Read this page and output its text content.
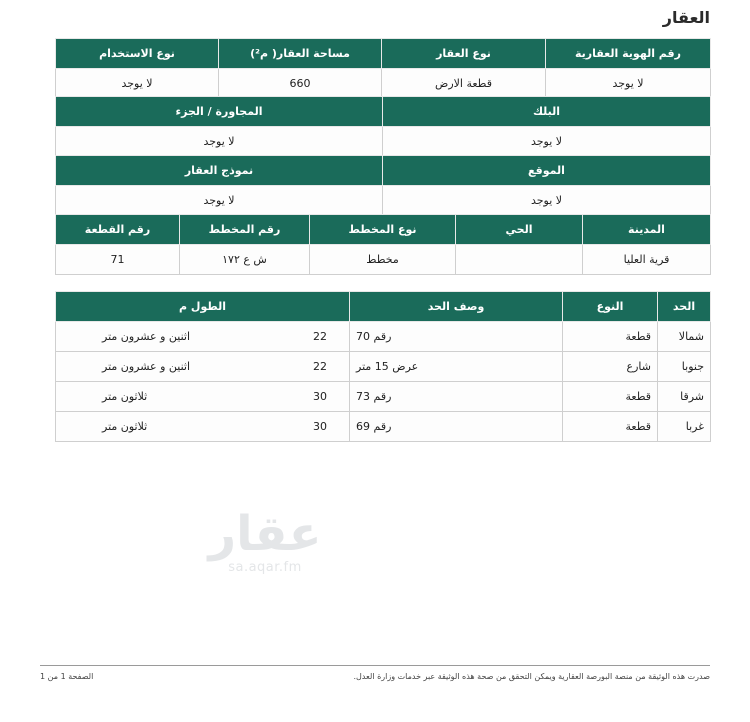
العقار
رقم الهوية العقارية	نوع العقار	مساحة العقار( م²)	نوع الاستخدام
لا يوجد	قطعة الارض	660	لا يوجد
البلك	المجاورة / الجزء
لا يوجد	لا يوجد
الموقع	نموذج العقار
لا يوجد	لا يوجد
المدينة	الحي	نوع المخطط	رقم المخطط	رقم القطعة
قرية العليا		مخطط	ش ع ١٧٢	71
الحد	النوع	وصف الحد	الطول م
شمالا	قطعة	رقم 70	اثنين و عشرون متر 22

جنوبا	شارع	عرض 15 متر	اثنين و عشرون متر 22

شرقا	قطعة	رقم 73	ثلاثون متر 30

غربا	قطعة	رقم 69	ثلاثون متر 30
عقار
sa.aqar.fm
صدرت هذه الوثيقة من منصة البورصة العقارية ويمكن التحقق من صحة هذه الوثيقة عبر خدمات وزارة العدل.
الصفحة 1 من 1
